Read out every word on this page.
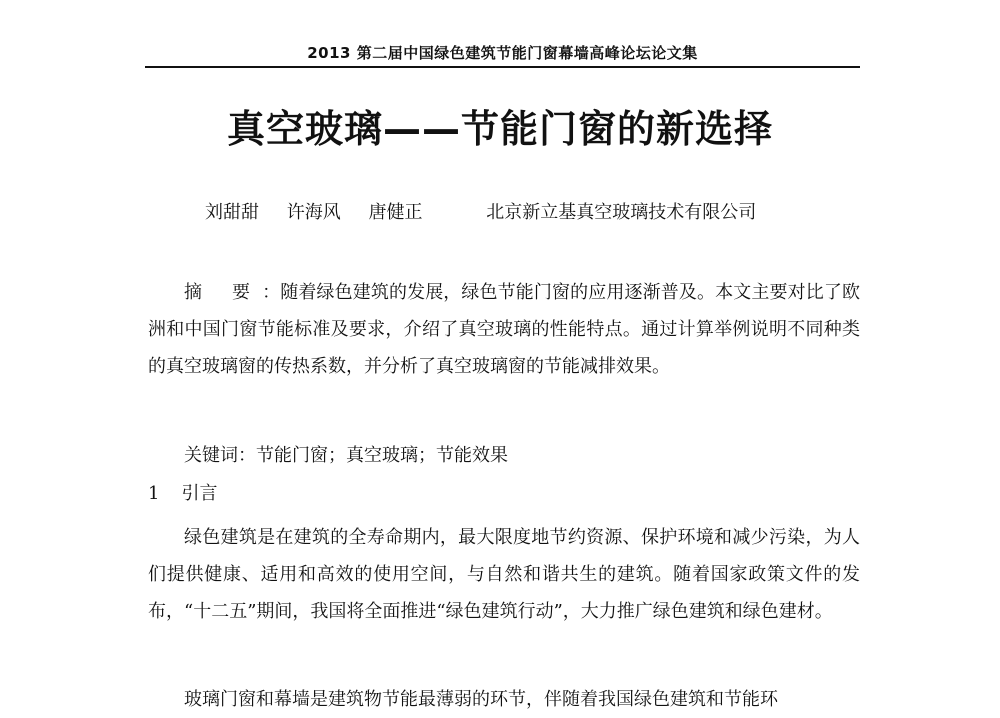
2013 第二届中国绿色建筑节能门窗幕墙高峰论坛论文集
真空玻璃——节能门窗的新选择
刘甜甜 许海风 唐健正	北京新立基真空玻璃技术有限公司
摘 要：随着绿色建筑的发展，绿色节能门窗的应用逐渐普及。本文主要对比了欧洲和中国门窗节能标准及要求，介绍了真空玻璃的性能特点。通过计算举例说明不同种类的真空玻璃窗的传热系数，并分析了真空玻璃窗的节能减排效果。
关键词：节能门窗；真空玻璃；节能效果
1 引言
绿色建筑是在建筑的全寿命期内，最大限度地节约资源、保护环境和减少污染，为人们提供健康、适用和高效的使用空间，与自然和谐共生的建筑。随着国家政策文件的发布，“十二五”期间，我国将全面推进“绿色建筑行动”，大力推广绿色建筑和绿色建材。
玻璃门窗和幕墙是建筑物节能最薄弱的环节，伴随着我国绿色建筑和节能环
